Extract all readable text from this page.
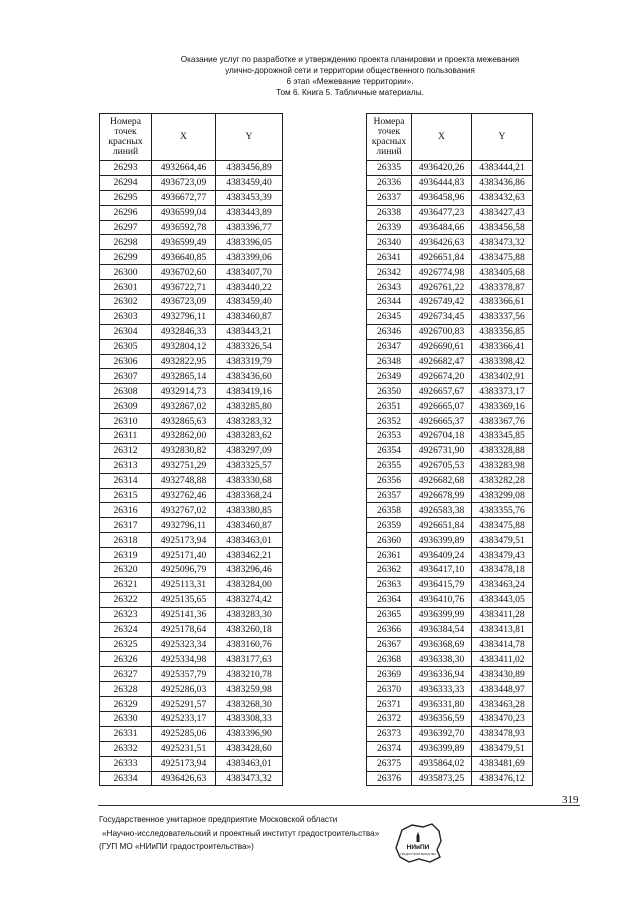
Оказание услуг по разработке и утверждению проекта планировки и проекта межевания
улично-дорожной сети и территории общественного пользования
6 этап «Межевание территории».
Том 6. Книга 5. Табличные материалы.
Номера
точек
красных
линий	X	Y
26293	4932664,46	4383456,89
26294	4936723,09	4383459,40
26295	4936672,77	4383453,39
26296	4936599,04	4383443,89
26297	4936592,78	4383396,77
26298	4936599,49	4383396,05
26299	4936640,85	4383399,06
26300	4936702,60	4383407,70
26301	4936722,71	4383440,22
26302	4936723,09	4383459,40
26303	4932796,11	4383460,87
26304	4932846,33	4383443,21
26305	4932804,12	4383326,54
26306	4932822,95	4383319,79
26307	4932865,14	4383436,60
26308	4932914,73	4383419,16
26309	4932867,02	4383285,80
26310	4932865,63	4383283,32
26311	4932862,00	4383283,62
26312	4932830,82	4383297,09
26313	4932751,29	4383325,57
26314	4932748,88	4383330,68
26315	4932762,46	4383368,24
26316	4932767,02	4383380,85
26317	4932796,11	4383460,87
26318	4925173,94	4383463,01
26319	4925171,40	4383462,21
26320	4925096,79	4383296,46
26321	4925113,31	4383284,00
26322	4925135,65	4383274,42
26323	4925141,36	4383283,30
26324	4925178,64	4383260,18
26325	4925323,34	4383160,76
26326	4925334,98	4383177,63
26327	4925357,79	4383210,78
26328	4925286,03	4383259,98
26329	4925291,57	4383268,30
26330	4925233,17	4383308,33
26331	4925285,06	4383396,90
26332	4925231,51	4383428,60
26333	4925173,94	4383463,01
26334	4936426,63	4383473,32
Номера
точек
красных
линий	X	Y
26335	4936420,26	4383444,21
26336	4936444,83	4383436,86
26337	4936458,96	4383432,63
26338	4936477,23	4383427,43
26339	4936484,66	4383456,58
26340	4936426,63	4383473,32
26341	4926651,84	4383475,88
26342	4926774,98	4383405,68
26343	4926761,22	4383378,87
26344	4926749,42	4383366,61
26345	4926734,45	4383337,56
26346	4926700,83	4383356,85
26347	4926690,61	4383366,41
26348	4926682,47	4383398,42
26349	4926674,20	4383402,91
26350	4926657,67	4383373,17
26351	4926665,07	4383369,16
26352	4926665,37	4383367,76
26353	4926704,18	4383345,85
26354	4926731,90	4383328,88
26355	4926705,53	4383283,98
26356	4926682,68	4383282,28
26357	4926678,99	4383299,08
26358	4926583,38	4383355,76
26359	4926651,84	4383475,88
26360	4936399,89	4383479,51
26361	4936409,24	4383479,43
26362	4936417,10	4383478,18
26363	4936415,79	4383463,24
26364	4936410,76	4383443,05
26365	4936399,99	4383411,28
26366	4936384,54	4383413,81
26367	4936368,69	4383414,78
26368	4936338,30	4383411,02
26369	4936336,94	4383430,89
26370	4936333,33	4383448,97
26371	4936331,80	4383463,28
26372	4936356,59	4383470,23
26373	4936392,70	4383478,93
26374	4936399,89	4383479,51
26375	4935864,02	4383481,69
26376	4935873,25	4383476,12
319
Государственное унитарное предприятие Московской области
«Научно-исследовательский и проектный институт градостроительства»
(ГУП МО «НИиПИ градостроительства»)	НИиПИ
ГРАДОСТРОИТЕЛЬСТВА
